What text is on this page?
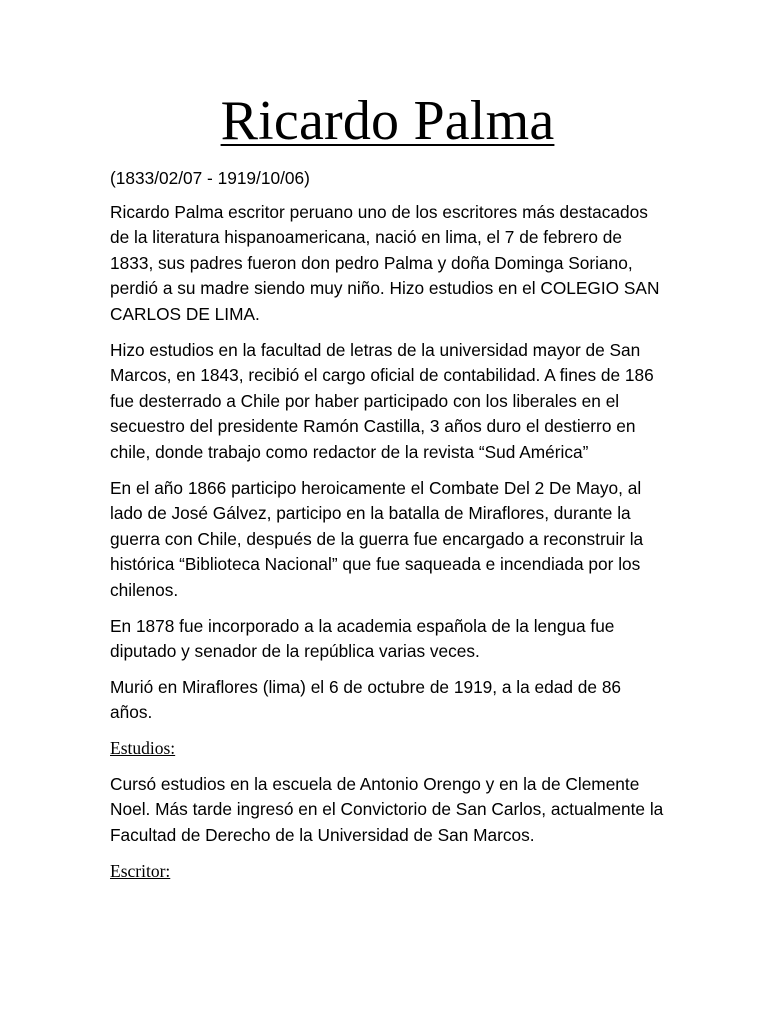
Ricardo Palma

(1833/02/07 - 1919/10/06)

Ricardo Palma escritor peruano uno de los escritores más destacados de la literatura hispanoamericana, nació en lima, el 7 de febrero de 1833, sus padres fueron don pedro Palma y doña Dominga Soriano, perdió a su madre siendo muy niño. Hizo estudios en el COLEGIO SAN CARLOS DE LIMA.

Hizo estudios en la facultad de letras de la universidad mayor de San Marcos, en 1843, recibió el cargo oficial de contabilidad. A fines de 186 fue desterrado a Chile por haber participado con los liberales en el secuestro del presidente Ramón Castilla, 3 años duro el destierro en chile, donde trabajo como redactor de la revista “Sud América”

En el año 1866 participo heroicamente el Combate Del 2 De Mayo, al lado de José Gálvez, participo en la batalla de Miraflores, durante la guerra con Chile, después de la guerra fue encargado a reconstruir la histórica “Biblioteca Nacional” que fue saqueada e incendiada por los chilenos.

En 1878 fue incorporado a la academia española de la lengua fue diputado y senador de la república varias veces.

Murió en Miraflores (lima) el 6 de octubre de 1919, a la edad de 86 años.

Estudios:

Cursó estudios en la escuela de Antonio Orengo y en la de Clemente Noel. Más tarde ingresó en el Convictorio de San Carlos, actualmente la Facultad de Derecho de la Universidad de San Marcos.

Escritor:
